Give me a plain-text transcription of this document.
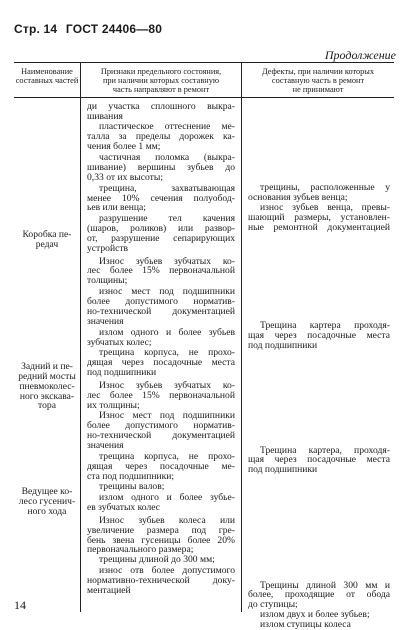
Стр. 14 ГОСТ 24406—80
Продолжение
Наименование
составных частей
Признаки предельного состояния,
при наличии которых составную
часть направляют в ремонт
Дефекты, при наличии которых
составную часть в ремонт
не принимают
Коробка пе-
редач
Задний и пе-
редний мосты
пневмоколес-
ного экскава-
тора
Ведущее ко-
лесо гусенич-
ного хода
ди участка сплошного выкра-
шивания
пластическое оттеснение ме-
талла за пределы дорожек ка-
чения более 1 мм;
частичная поломка (выкра-
шивание) вершины зубьев до
0,33 от их высоты;
трещина, захватывающая
менее 10% сечения полуобод-
ьев или венца;
разрушение тел качения
(шаров, роликов) или развор-
от, разрушение сепарирующих
устройств
Износ зубьев зубчатых ко-
лес более 15% первоначальной
толщины;
износ мест под подшипники
более допустимого норматив-
но-технической документацией
значения
излом одного и более зубьев
зубчатых колес;
трещина корпуса, не прохо-
дящая через посадочные места
под подшипники
Износ зубьев зубчатых ко-
лес более 15% первоначальной
их толщины;
Износ мест под подшипники
более допустимого норматив-
но-технической документацией
значения
трещина корпуса, не прохо-
дящая через посадочные ме-
ста под подшипники;
трещины валов;
излом одного и более зубье-
ев зубчатых колес
Износ зубьев колеса или
увеличение размера под гре-
бень звена гусеницы более 20%
первоначального размера;
трещины длиной до 300 мм;
износ отв более допустимого
нормативно-технической доку-
ментацией
трещины, расположенные у
основания зубьев венца;
износ зубьев венца, превы-
шающий размеры, установлен-
ные ремонтной документацией
Трещина картера проходя-
щая через посадочные места
под подшипники
Трещина картера, проходя-
щая через посадочные места
под подшипники
Трещины длиной 300 мм и
более, проходящие от обода
до ступицы;
излом двух и более зубьев;
излом ступицы колеса
14
